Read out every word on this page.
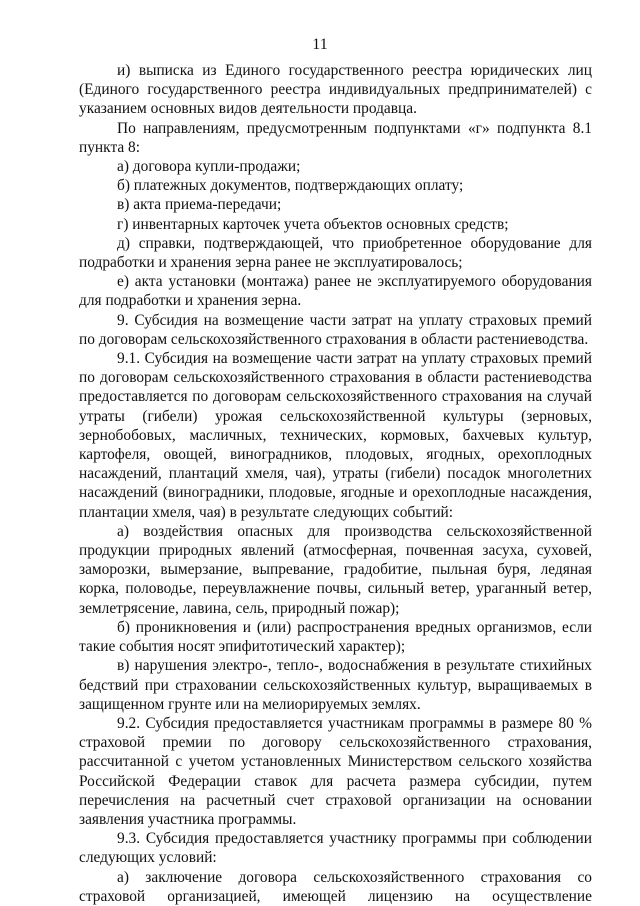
11

и) выписка из Единого государственного реестра юридических лиц (Единого государственного реестра индивидуальных предпринимателей) с указанием основных видов деятельности продавца.

По направлениям, предусмотренным подпунктами «г» подпункта 8.1 пункта 8:

а) договора купли-продажи;

б) платежных документов, подтверждающих оплату;

в) акта приема-передачи;

г) инвентарных карточек учета объектов основных средств;

д) справки, подтверждающей, что приобретенное оборудование для подработки и хранения зерна ранее не эксплуатировалось;

е) акта установки (монтажа) ранее не эксплуатируемого оборудования для подработки и хранения зерна.

9. Субсидия на возмещение части затрат на уплату страховых премий по договорам сельскохозяйственного страхования в области растениеводства.

9.1. Субсидия на возмещение части затрат на уплату страховых премий по договорам сельскохозяйственного страхования в области растениеводства предоставляется по договорам сельскохозяйственного страхования на случай утраты (гибели) урожая сельскохозяйственной культуры (зерновых, зернобобовых, масличных, технических, кормовых, бахчевых культур, картофеля, овощей, виноградников, плодовых, ягодных, орехоплодных насаждений, плантаций хмеля, чая), утраты (гибели) посадок многолетних насаждений (виноградники, плодовые, ягодные и орехоплодные насаждения, плантации хмеля, чая) в результате следующих событий:

а) воздействия опасных для производства сельскохозяйственной продукции природных явлений (атмосферная, почвенная засуха, суховей, заморозки, вымерзание, выпревание, градобитие, пыльная буря, ледяная корка, половодье, переувлажнение почвы, сильный ветер, ураганный ветер, землетрясение, лавина, сель, природный пожар);

б) проникновения и (или) распространения вредных организмов, если такие события носят эпифитотический характер);

в) нарушения электро-, тепло-, водоснабжения в результате стихийных бедствий при страховании сельскохозяйственных культур, выращиваемых в защищенном грунте или на мелиорируемых землях.

9.2. Субсидия предоставляется участникам программы в размере 80 % страховой премии по договору сельскохозяйственного страхования, рассчитанной с учетом установленных Министерством сельского хозяйства Российской Федерации ставок для расчета размера субсидии, путем перечисления на расчетный счет страховой организации на основании заявления участника программы.

9.3. Субсидия предоставляется участнику программы при соблюдении следующих условий:

а) заключение договора сельскохозяйственного страхования со страховой организацией, имеющей лицензию на осуществление
